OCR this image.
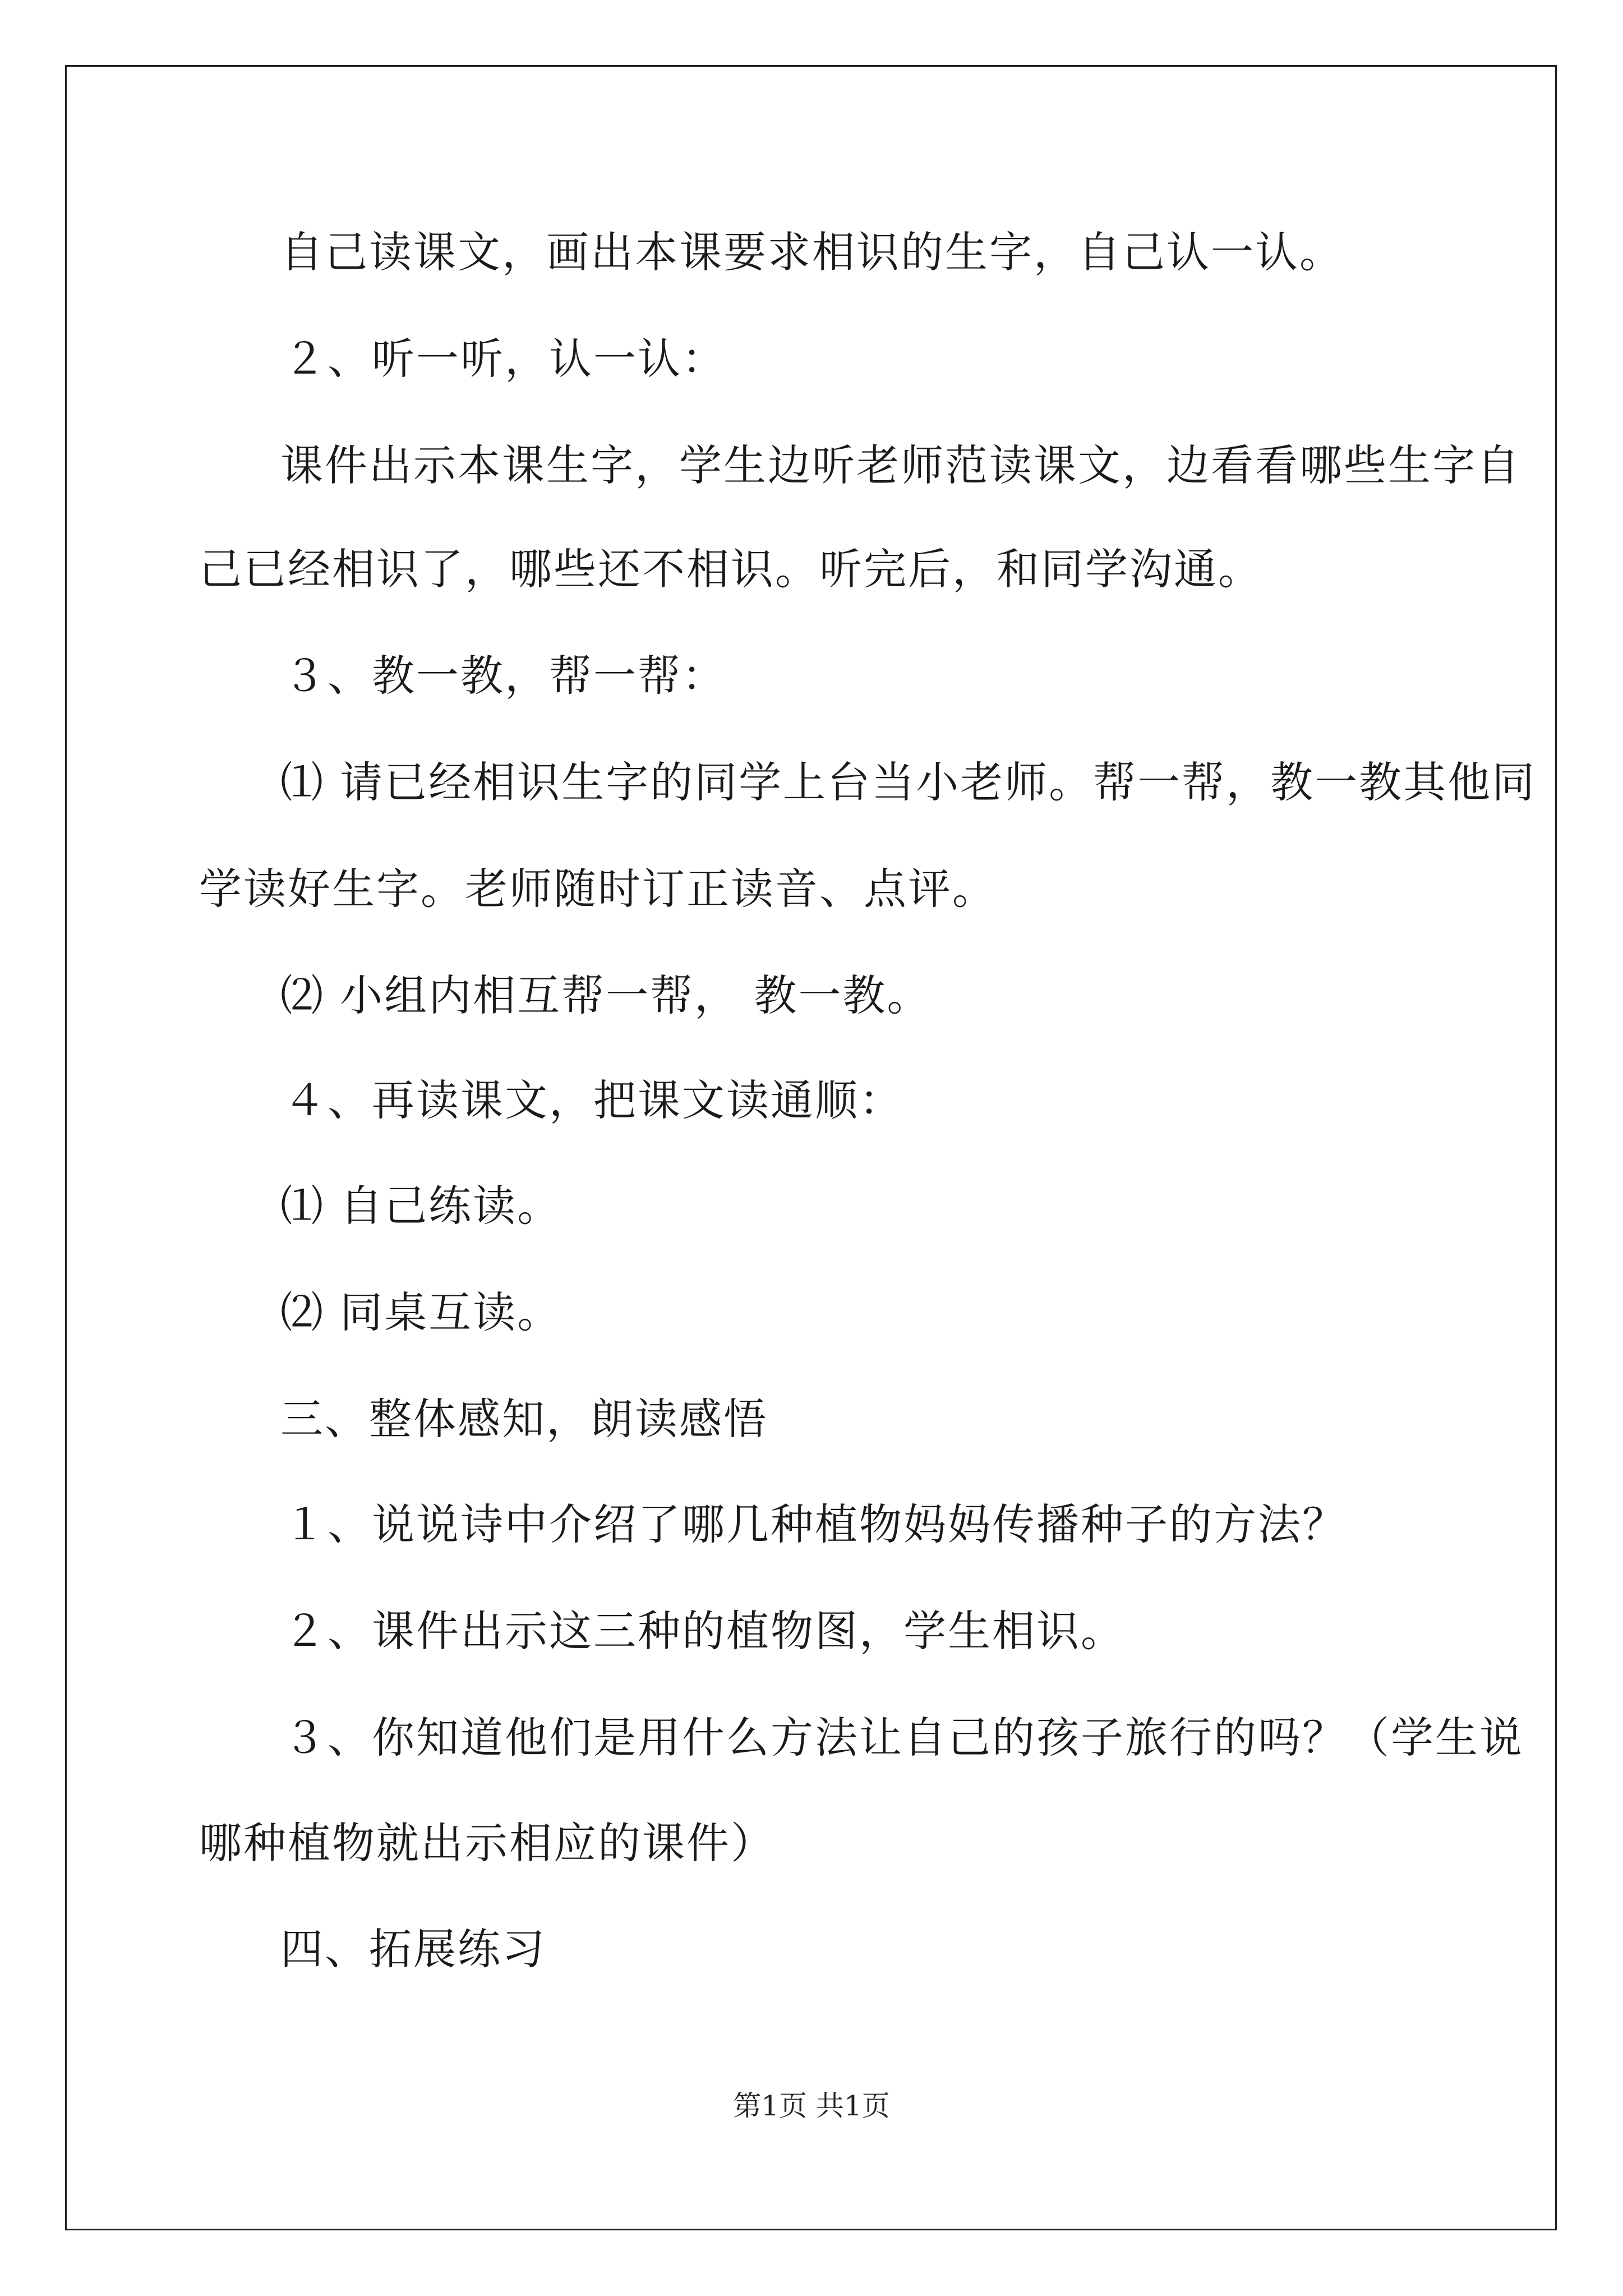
自己读课文，画出本课要求相识的生字，自己认一认。
２、听一听，认一认：
课件出示本课生字，学生边听老师范读课文，边看看哪些生字自
己已经相识了，哪些还不相识。听完后，和同学沟通。
３、教一教，帮一帮：
⑴ 请已经相识生字的同学上台当小老师。帮一帮，教一教其他同
学读好生字。老师随时订正读音、点评。
⑵ 小组内相互帮一帮， 教一教。
４、再读课文，把课文读通顺：
⑴ 自己练读。
⑵ 同桌互读。
三、整体感知，朗读感悟
１、说说诗中介绍了哪几种植物妈妈传播种子的方法？
２、课件出示这三种的植物图，学生相识。
３、你知道他们是用什么方法让自己的孩子旅行的吗？（学生说
哪种植物就出示相应的课件）
四、拓展练习
第1页 共1页
